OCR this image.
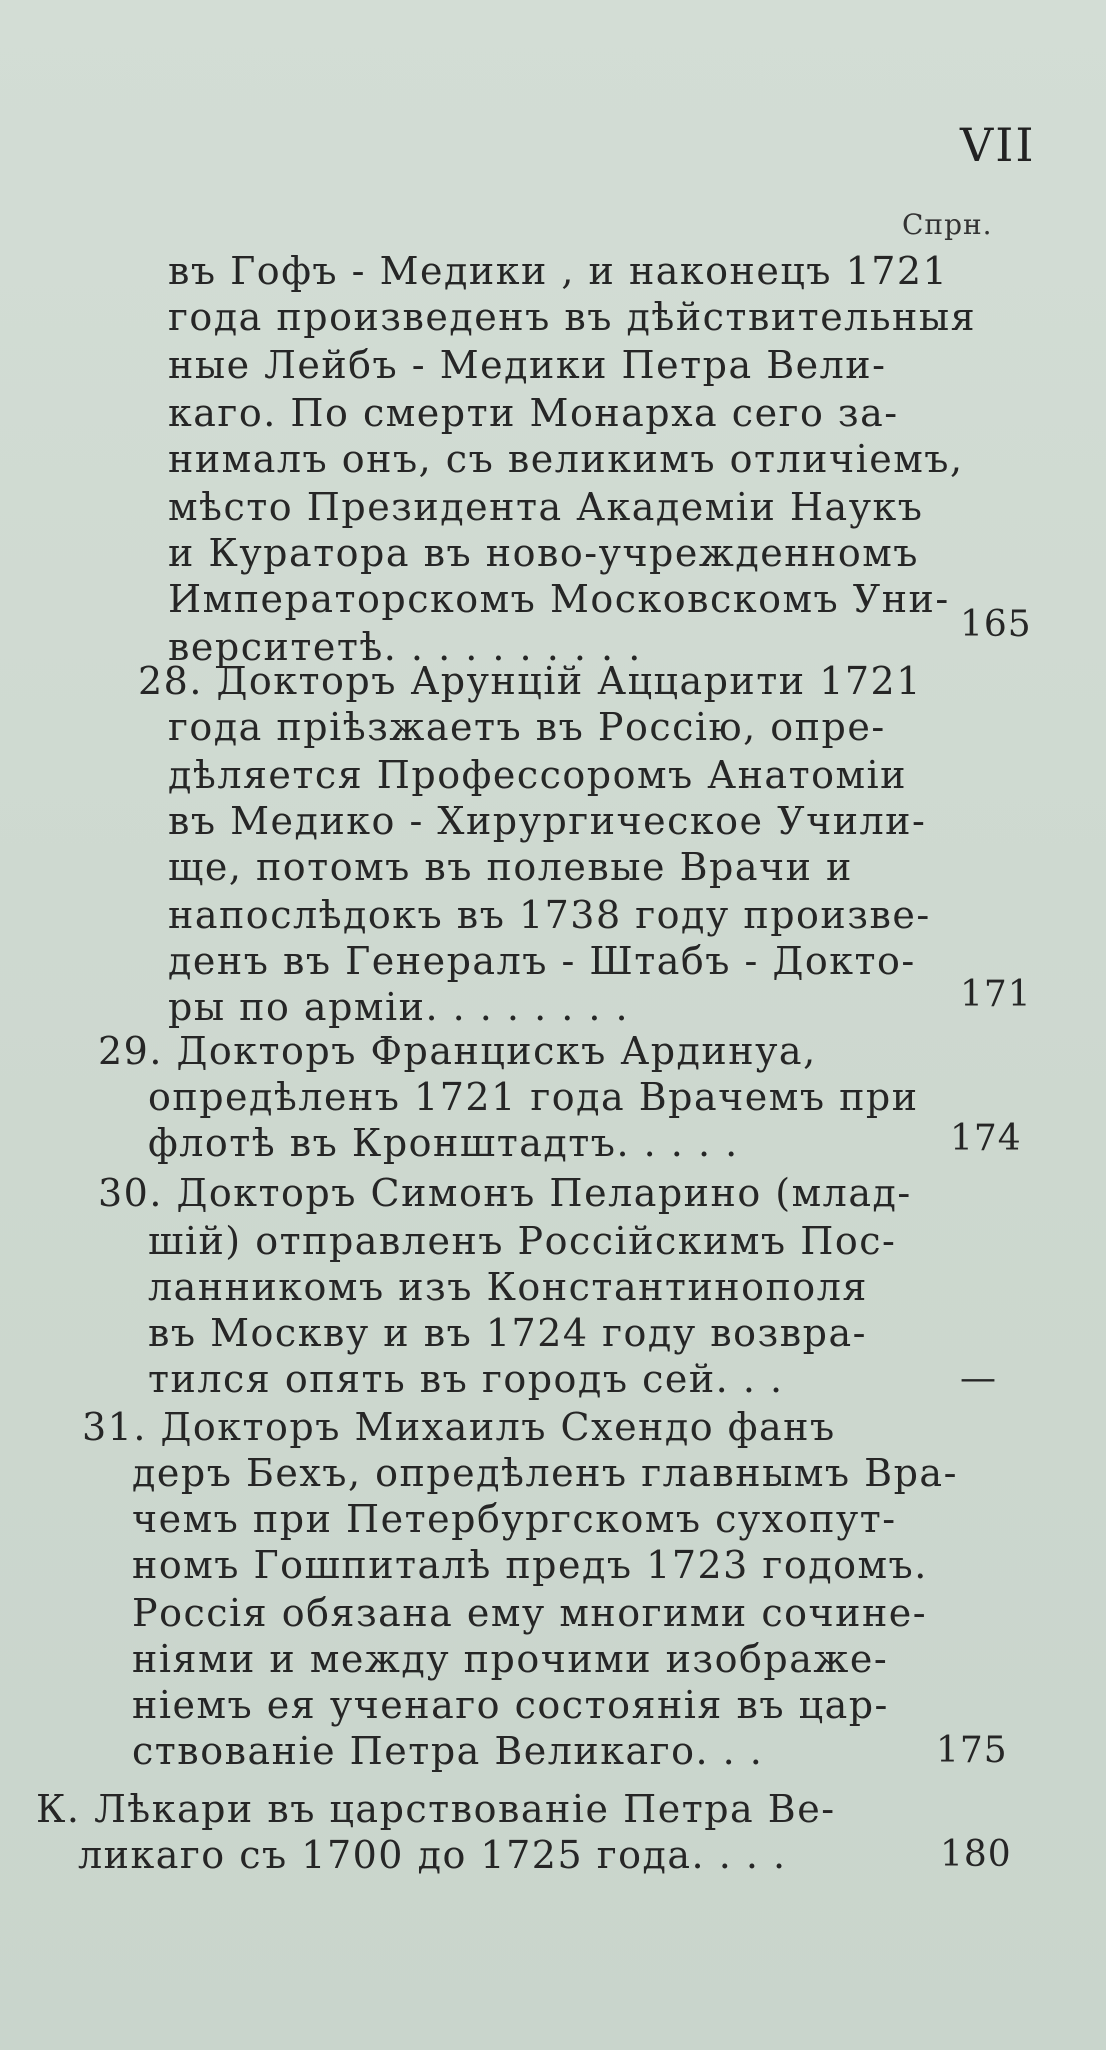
VII
Спрн.
въ Гофъ - Медики , и наконецъ 1721
года произведенъ въ дѣйствительныя
ные Лейбъ - Медики Петра Вели-
каго. По смерти Монарха сего за-
нималъ онъ, съ великимъ отличіемъ,
мѣсто Президента Академіи Наукъ
и Куратора въ ново-учрежденномъ
Императорскомъ Московскомъ Уни-
верситетѣ. . . . . . . . . .
165
28. Докторъ Арунцій Аццарити 1721
года пріѣзжаетъ въ Россію, опре-
дѣляется Профессоромъ Анатоміи
въ Медико - Хирургическое Учили-
ще, потомъ въ полевые Врачи и
напослѣдокъ въ 1738 году произве-
денъ въ Генералъ - Штабъ - Докто-
ры по арміи. . . . . . . .	171
29. Докторъ Францискъ Ардинуа,
опредѣленъ 1721 года Врачемъ при
флотѣ въ Кронштадтъ. . . . .	174
30. Докторъ Симонъ Пеларино (млад-
шій) отправленъ Россійскимъ Пос-
ланникомъ изъ Константинополя
въ Москву и въ 1724 году возвра-
тился опять въ городъ сей. . .	—
31. Докторъ Михаилъ Схендо фанъ
деръ Бехъ, опредѣленъ главнымъ Вра-
чемъ при Петербургскомъ сухопут-
номъ Гошпиталѣ предъ 1723 годомъ.
Россія обязана ему многими сочине-
ніями и между прочими изображе-
ніемъ ея ученаго состоянія въ цар-
ствованіе Петра Великаго. . .	175
К. Лѣкари въ царствованіе Петра Ве-
ликаго съ 1700 до 1725 года. . . .	180
